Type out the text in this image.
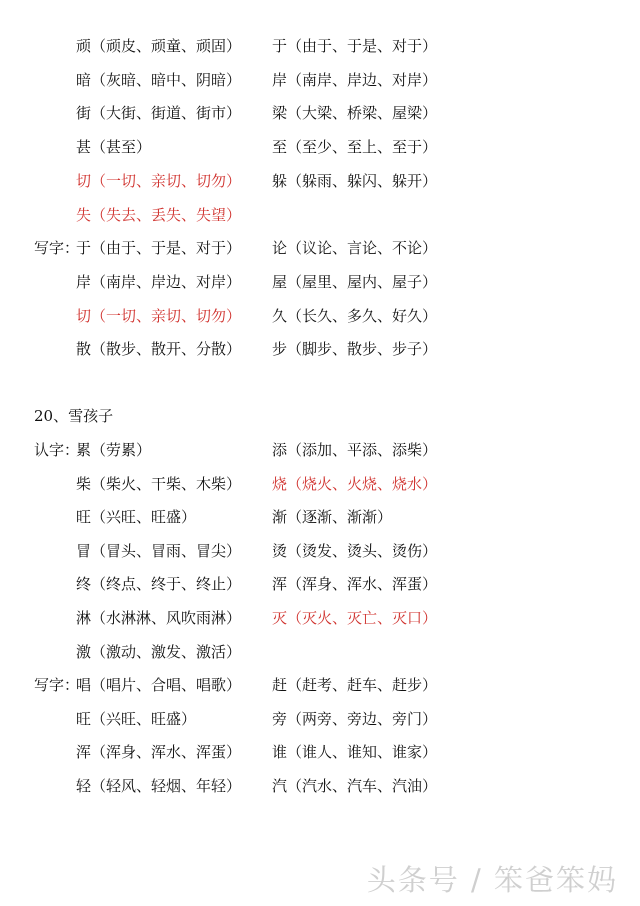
顽（顽皮、顽童、顽固） 于（由于、于是、对于）
暗（灰暗、暗中、阴暗） 岸（南岸、岸边、对岸）
街（大街、街道、街市） 梁（大梁、桥梁、屋梁）
甚（甚至）	至（至少、至上、至于）
切（一切、亲切、切勿） 躲（躲雨、躲闪、躲开）
失（失去、丢失、失望）
写字：
于（由于、于是、对于） 论（议论、言论、不论）
岸（南岸、岸边、对岸） 屋（屋里、屋内、屋子）
切（一切、亲切、切勿） 久（长久、多久、好久）
散（散步、散开、分散） 步（脚步、散步、步子）
20、雪孩子
认字：
累（劳累）	添（添加、平添、添柴）
柴（柴火、干柴、木柴） 烧（烧火、火烧、烧水）
旺（兴旺、旺盛）	渐（逐渐、渐渐）
冒（冒头、冒雨、冒尖） 烫（烫发、烫头、烫伤）
终（终点、终于、终止） 浑（浑身、浑水、浑蛋）
淋（水淋淋、风吹雨淋） 灭（灭火、灭亡、灭口）
激（激动、激发、激活）
写字：
唱（唱片、合唱、唱歌） 赶（赶考、赶车、赶步）
旺（兴旺、旺盛）	旁（两旁、旁边、旁门）
浑（浑身、浑水、浑蛋） 谁（谁人、谁知、谁家）
轻（轻风、轻烟、年轻） 汽（汽水、汽车、汽油）
头条号 / 笨爸笨妈
